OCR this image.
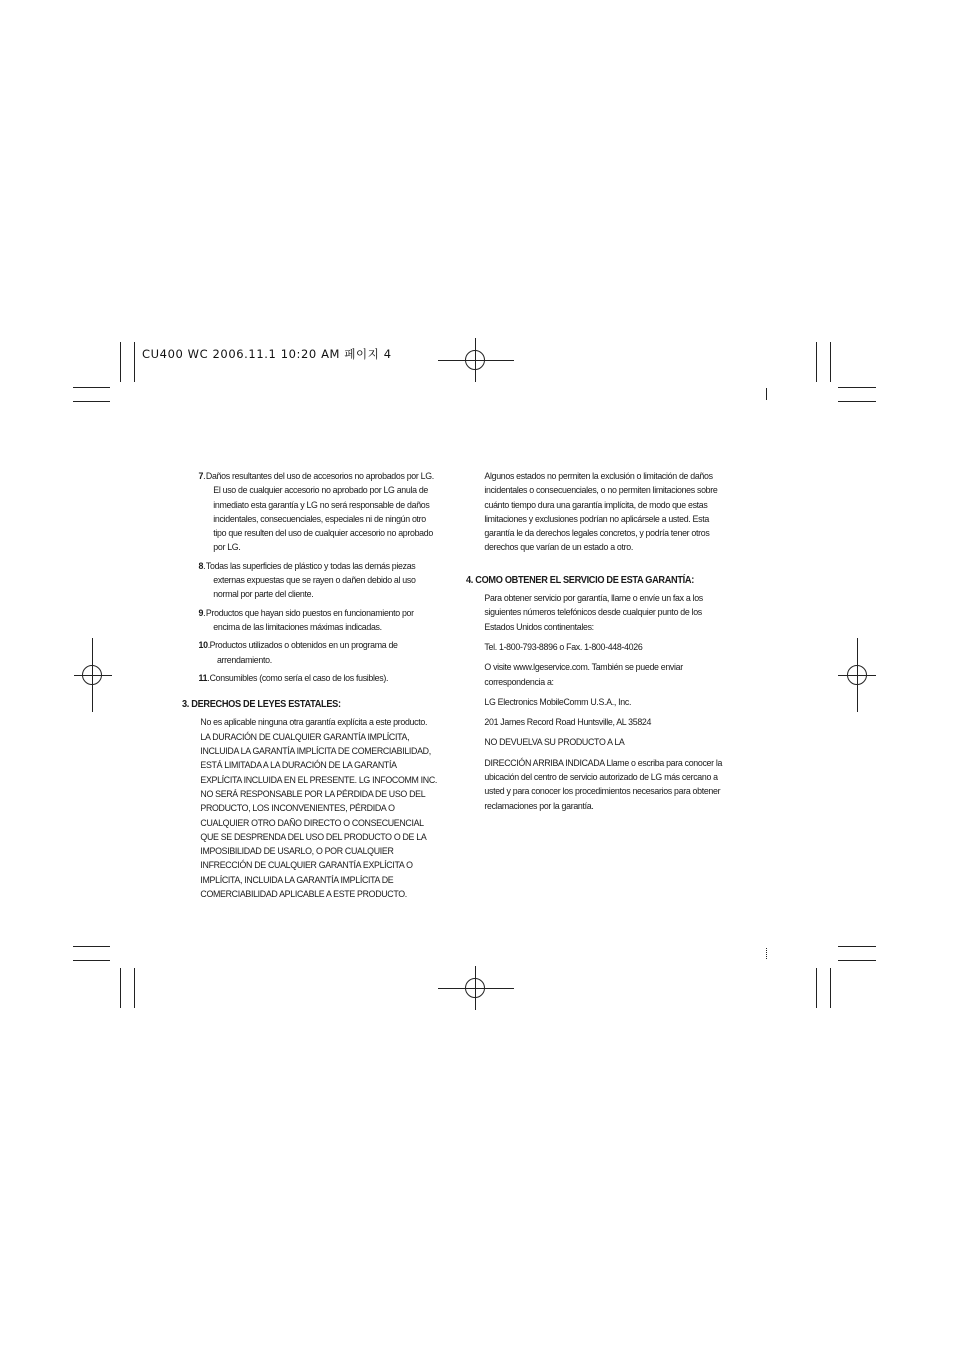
CU400 WC 2006.11.1 10:20 AM 페이지 4
7 . Daños resultantes del uso de accesorios no aprobados por LG. El uso de cualquier accesorio no aprobado por LG anula de inmediato esta garantía y LG no será responsable de daños incidentales, consecuenciales, especiales ni de ningún otro tipo que resulten del uso de cualquier accesorio no aprobado por LG.
8 . Todas las superficies de plástico y todas las demás piezas externas expuestas que se rayen o dañen debido al uso normal por parte del cliente.
9 . Productos que hayan sido puestos en funcionamiento por encima de las limitaciones máximas indicadas.
10 . Productos utilizados o obtenidos en un programa de arrendamiento.
11 . Consumibles (como sería el caso de los fusibles).
3. DERECHOS DE LEYES ESTATALES:

No es aplicable ninguna otra garantía explícita a este producto. LA DURACIÓN DE CUALQUIER GARANTÍA IMPLÍCITA, INCLUIDA LA GARANTÍA IMPLÍCITA DE COMERCIABILIDAD, ESTÁ LIMITADA A LA DURACIÓN DE LA GARANTÍA EXPLÍCITA INCLUIDA EN EL PRESENTE. LG INFOCOMM INC. NO SERÁ RESPONSABLE POR LA PÉRDIDA DE USO DEL PRODUCTO, LOS INCONVENIENTES, PÉRDIDA O CUALQUIER OTRO DAÑO DIRECTO O CONSECUENCIAL QUE SE DESPRENDA DEL USO DEL PRODUCTO O DE LA IMPOSIBILIDAD DE USARLO, O POR CUALQUIER INFRECCIÓN DE CUALQUIER GARANTÍA EXPLÍCITA O IMPLÍCITA, INCLUIDA LA GARANTÍA IMPLÍCITA DE COMERCIABILIDAD APLICABLE A ESTE PRODUCTO.

Algunos estados no permiten la exclusión o limitación de daños incidentales o consecuenciales, o no permiten limitaciones sobre cuánto tiempo dura una garantía implícita, de modo que estas limitaciones y exclusiones podrían no aplicársele a usted. Esta garantía le da derechos legales concretos, y podría tener otros derechos que varían de un estado a otro.

4. COMO OBTENER EL SERVICIO DE ESTA GARANTÍA:

Para obtener servicio por garantía, llame o envíe un fax a los siguientes números telefónicos desde cualquier punto de los Estados Unidos continentales:

Tel. 1-800-793-8896 o Fax. 1-800-448-4026

O visite www.lgeservice.com. También se puede enviar correspondencia a:

LG Electronics MobileComm U.S.A., Inc.

201 James Record Road Huntsville, AL 35824

NO DEVUELVA SU PRODUCTO A LA

DIRECCIÓN ARRIBA INDICADA Llame o escriba para conocer la ubicación del centro de servicio autorizado de LG más cercano a usted y para conocer los procedimientos necesarios para obtener reclamaciones por la garantía.
